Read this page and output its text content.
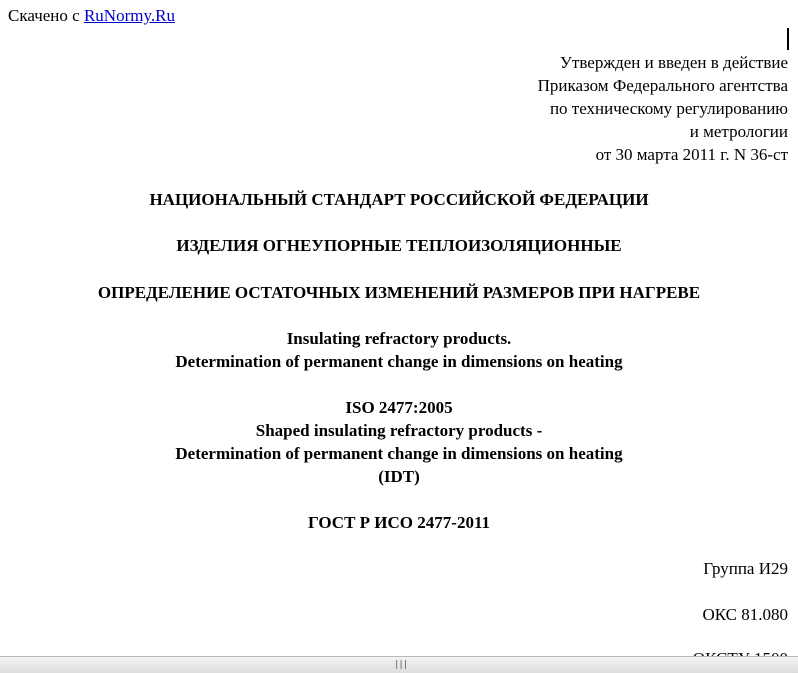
Скачено с RuNormy.Ru
Утвержден и введен в действие
Приказом Федерального агентства
по техническому регулированию
и метрологии
от 30 марта 2011 г. N 36-ст
НАЦИОНАЛЬНЫЙ СТАНДАРТ РОССИЙСКОЙ ФЕДЕРАЦИИ
ИЗДЕЛИЯ ОГНЕУПОРНЫЕ ТЕПЛОИЗОЛЯЦИОННЫЕ
ОПРЕДЕЛЕНИЕ ОСТАТОЧНЫХ ИЗМЕНЕНИЙ РАЗМЕРОВ ПРИ НАГРЕВЕ
Insulating refractory products.
Determination of permanent change in dimensions on heating
ISO 2477:2005
Shaped insulating refractory products -
Determination of permanent change in dimensions on heating
(IDT)
ГОСТ Р ИСО 2477-2011
Группа И29
ОКС 81.080
|||
